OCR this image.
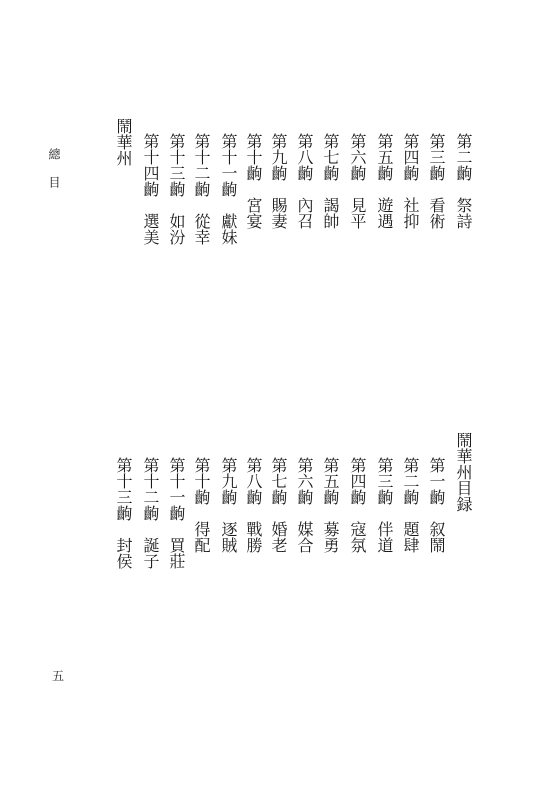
總目	第二齣　祭詩
第三齣　看術
第四齣　社抑
第五齣　遊遇
第六齣　見平
第七齣　謁帥
第八齣　內召
第九齣　賜妻
第十齣　宮宴
第十一齣　獻妹
第十二齣　從幸
第十三齣　如汾
第十四齣　選美
鬧華州
鬧華州目録
第一齣　叙鬧
第二齣　題肆
第三齣　伴道
第四齣　寇氛
第五齣　募勇
第六齣　媒合
第七齣　婚老
第八齣　戰勝
第九齣　逐賊
第十齣　得配
第十一齣　買莊
第十二齣　誕子
第十三齣　封侯
五
